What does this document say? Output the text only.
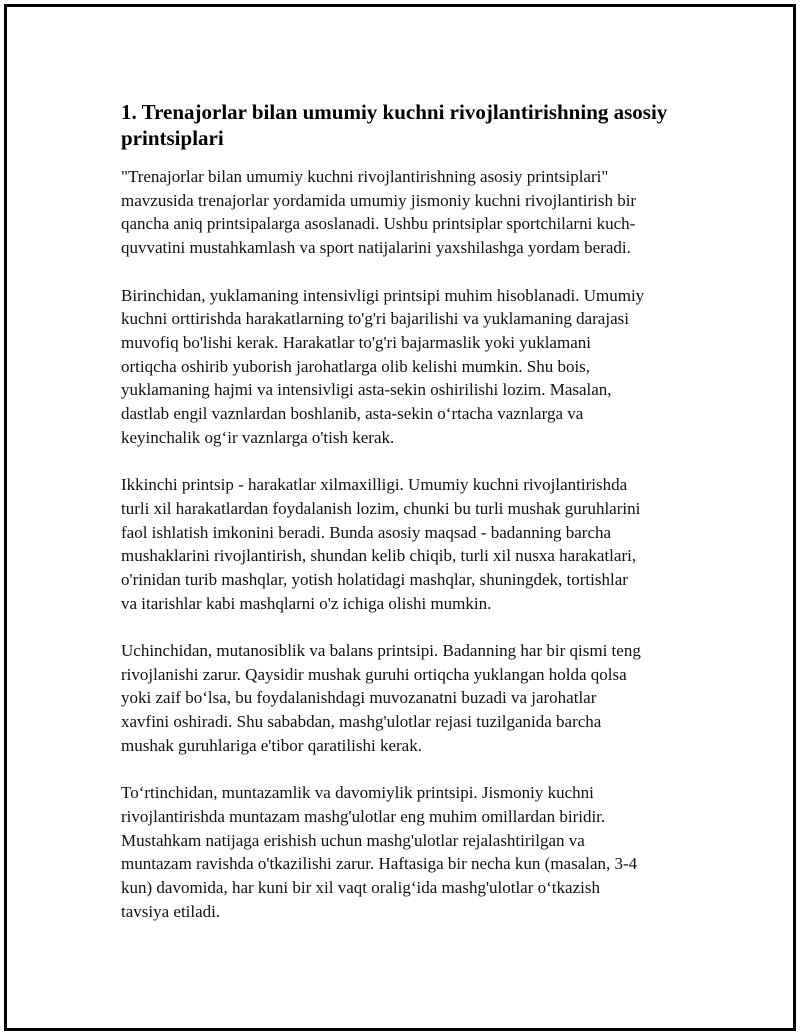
1. Trenajorlar bilan umumiy kuchni rivojlantirishning asosiy printsiplari

"Trenajorlar bilan umumiy kuchni rivojlantirishning asosiy printsiplari"
mavzusida trenajorlar yordamida umumiy jismoniy kuchni rivojlantirish bir
qancha aniq printsipalarga asoslanadi. Ushbu printsiplar sportchilarni kuch-
quvvatini mustahkamlash va sport natijalarini yaxshilashga yordam beradi.

Birinchidan, yuklamaning intensivligi printsipi muhim hisoblanadi. Umumiy
kuchni orttirishda harakatlarning to'g'ri bajarilishi va yuklamaning darajasi
muvofiq bo'lishi kerak. Harakatlar to'g'ri bajarmaslik yoki yuklamani
ortiqcha oshirib yuborish jarohatlarga olib kelishi mumkin. Shu bois,
yuklamaning hajmi va intensivligi asta-sekin oshirilishi lozim. Masalan,
dastlab engil vaznlardan boshlanib, asta-sekin o‘rtacha vaznlarga va
keyinchalik og‘ir vaznlarga o'tish kerak.

Ikkinchi printsip - harakatlar xilmaxilligi. Umumiy kuchni rivojlantirishda
turli xil harakatlardan foydalanish lozim, chunki bu turli mushak guruhlarini
faol ishlatish imkonini beradi. Bunda asosiy maqsad - badanning barcha
mushaklarini rivojlantirish, shundan kelib chiqib, turli xil nusxa harakatlari,
o'rinidan turib mashqlar, yotish holatidagi mashqlar, shuningdek, tortishlar
va itarishlar kabi mashqlarni o'z ichiga olishi mumkin.

Uchinchidan, mutanosiblik va balans printsipi. Badanning har bir qismi teng
rivojlanishi zarur. Qaysidir mushak guruhi ortiqcha yuklangan holda qolsa
yoki zaif bo‘lsa, bu foydalanishdagi muvozanatni buzadi va jarohatlar
xavfini oshiradi. Shu sababdan, mashg'ulotlar rejasi tuzilganida barcha
mushak guruhlariga e'tibor qaratilishi kerak.

To‘rtinchidan, muntazamlik va davomiylik printsipi. Jismoniy kuchni
rivojlantirishda muntazam mashg'ulotlar eng muhim omillardan biridir.
Mustahkam natijaga erishish uchun mashg'ulotlar rejalashtirilgan va
muntazam ravishda o'tkazilishi zarur. Haftasiga bir necha kun (masalan, 3-4
kun) davomida, har kuni bir xil vaqt oralig‘ida mashg'ulotlar o‘tkazish
tavsiya etiladi.
